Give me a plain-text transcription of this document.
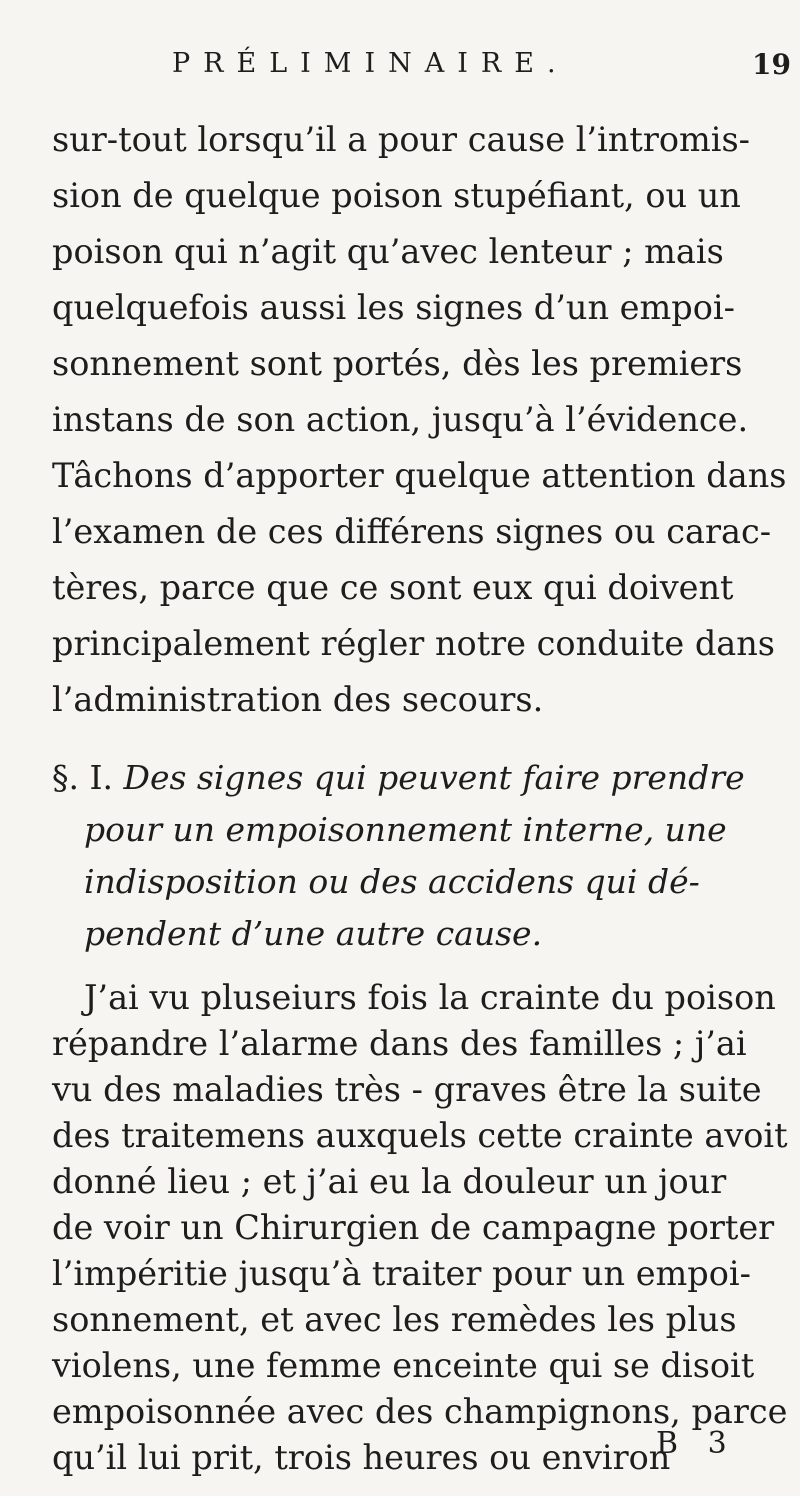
PRÉLIMINAIRE.	19
sur-tout lorsqu’il a pour cause l’intromis-
sion de quelque poison stupéfiant, ou un
poison qui n’agit qu’avec lenteur ; mais
quelquefois aussi les signes d’un empoi-
sonnement sont portés, dès les premiers
instans de son action, jusqu’à l’évidence.
Tâchons d’apporter quelque attention dans
l’examen de ces différens signes ou carac-
tères, parce que ce sont eux qui doivent
principalement régler notre conduite dans
l’administration des secours.
§. I. Des signes qui peuvent faire prendre
pour un empoisonnement interne, une
indisposition ou des accidens qui dé-
pendent d’une autre cause.
J’ai vu pluseiurs fois la crainte du poison
répandre l’alarme dans des familles ; j’ai
vu des maladies très - graves être la suite
des traitemens auxquels cette crainte avoit
donné lieu ; et j’ai eu la douleur un jour
de voir un Chirurgien de campagne porter
l’impéritie jusqu’à traiter pour un empoi-
sonnement, et avec les remèdes les plus
violens, une femme enceinte qui se disoit
empoisonnée avec des champignons, parce
qu’il lui prit, trois heures ou environ
B 3
